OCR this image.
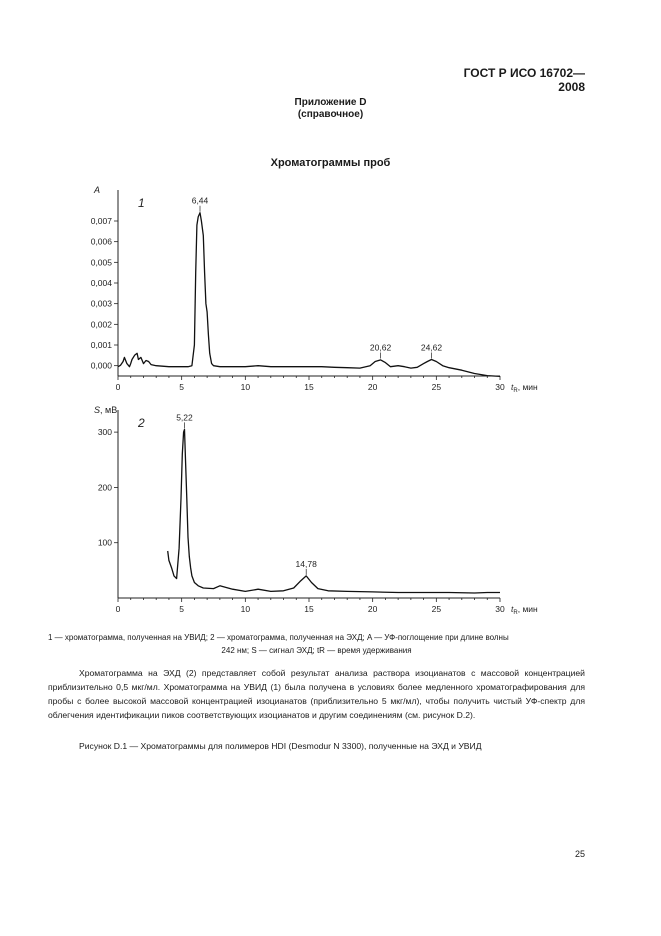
ГОСТ Р ИСО 16702—2008
Приложение D
(справочное)
Хроматограммы проб
0	5	10	15	20	25	30
0,000
0,001
0,002
0,003
0,004
0,005
0,006
0,007
A
$t_R$, мин
1	6,44
20,62	24,62
0	5	10	15	20	25	30
100
200
300
S, мВ
$t_R$, мин
2	5,22
14,78
1 — хроматограмма, полученная на УВИД; 2 — хроматограмма, полученная на ЭХД; A — УФ-поглощение при длине волны
242 нм; S — сигнал ЭХД; tR — время удерживания
Хроматограмма на ЭХД (2) представляет собой результат анализа раствора изоцианатов с массовой концентрацией приблизительно 0,5 мкг/мл. Хроматограмма на УВИД (1) была получена в условиях более медленного хроматографирования для пробы с более высокой массовой концентрацией изоцианатов (приблизительно 5 мкг/мл), чтобы получить чистый УФ-спектр для облегчения идентификации пиков соответствующих изоцианатов и другим соединениям (см. рисунок D.2).
Рисунок D.1 — Хроматограммы для полимеров HDI (Desmodur N 3300), полученные на ЭХД и УВИД
25
